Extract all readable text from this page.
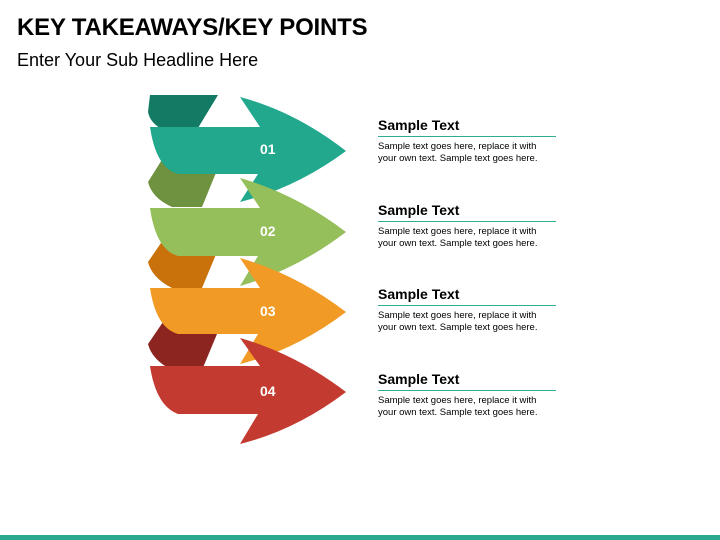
KEY TAKEAWAYS/KEY POINTS
Enter Your Sub Headline Here
01
02
03
04
Sample Text
Sample text goes here, replace it with your own text. Sample text goes here.
Sample Text
Sample text goes here, replace it with your own text. Sample text goes here.
Sample Text
Sample text goes here, replace it with your own text. Sample text goes here.
Sample Text
Sample text goes here, replace it with your own text. Sample text goes here.
